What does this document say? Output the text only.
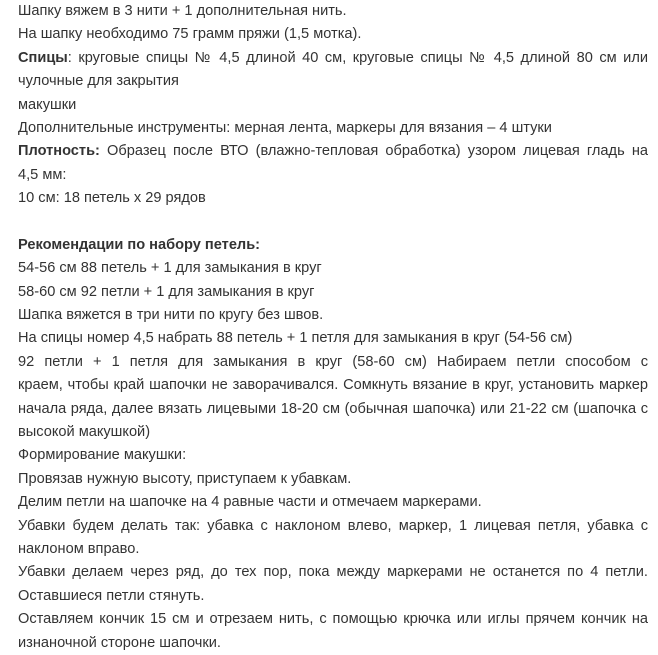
Шапку вяжем в 3 нити + 1 дополнительная нить.
На шапку необходимо 75 грамм пряжи (1,5 мотка).
Спицы: круговые спицы № 4,5 длиной 40 см, круговые спицы № 4,5 длиной 80 см или
чулочные для закрытия
макушки
Дополнительные инструменты: мерная лента, маркеры для вязания – 4 штуки
Плотность: Образец после ВТО (влажно-тепловая обработка) узором лицевая гладь на
4,5 мм:
10 см: 18 петель х 29 рядов
Рекомендации по набору петель:
54-56 см 88 петель + 1 для замыкания в круг
58-60 см 92 петли + 1 для замыкания в круг
Шапка вяжется в три нити по кругу без швов.
На спицы номер 4,5 набрать 88 петель + 1 петля для замыкания в круг (54-56 см)
92 петли + 1 петля для замыкания в круг (58-60 см) Набираем петли способом с
краем, чтобы край шапочки не заворачивался. Сомкнуть вязание в круг, установить маркер
начала ряда, далее вязать лицевыми 18-20 см (обычная шапочка) или 21-22 см (шапочка с
высокой макушкой)
Формирование макушки:
Провязав нужную высоту, приступаем к убавкам.
Делим петли на шапочке на 4 равные части и отмечаем маркерами.
Убавки будем делать так: убавка с наклоном влево, маркер, 1 лицевая петля, убавка с
наклоном вправо.
Убавки делаем через ряд, до тех пор, пока между маркерами не останется по 4 петли.
Оставшиеся петли стянуть.
Оставляем кончик 15 см и отрезаем нить, с помощью крючка или иглы прячем кончик на
изнаночной стороне шапочки.
